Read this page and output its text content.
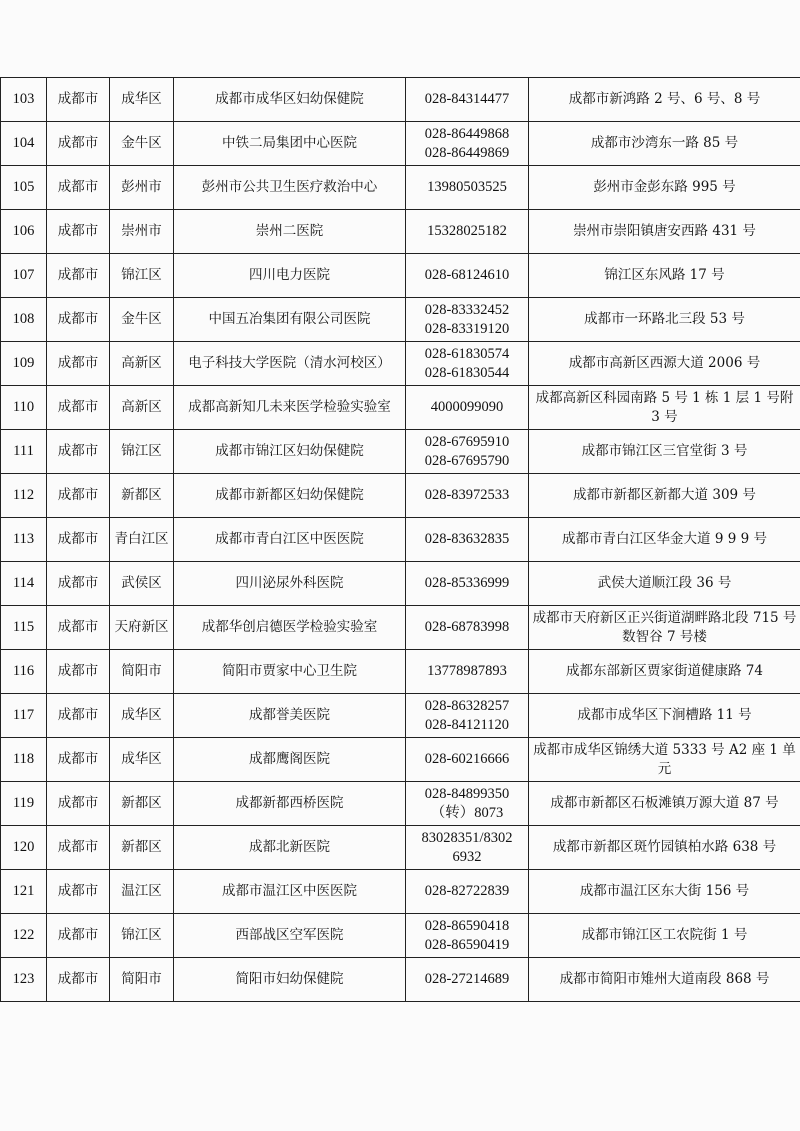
103	成都市	成华区	成都市成华区妇幼保健院	028-84314477	成都市新鸿路 2 号、6 号、8 号
104	成都市	金牛区	中铁二局集团中心医院	028-86449868
028-86449869	成都市沙湾东一路 85 号
105	成都市	彭州市	彭州市公共卫生医疗救治中心	13980503525	彭州市金彭东路 995 号
106	成都市	崇州市	崇州二医院	15328025182	崇州市崇阳镇唐安西路 431 号
107	成都市	锦江区	四川电力医院	028-68124610	锦江区东风路 17 号
108	成都市	金牛区	中国五冶集团有限公司医院	028-83332452
028-83319120	成都市一环路北三段 53 号
109	成都市	高新区	电子科技大学医院（清水河校区）	028-61830574
028-61830544	成都市高新区西源大道 2006 号
110	成都市	高新区	成都高新知几未来医学检验实验室	4000099090	成都高新区科园南路 5 号 1 栋 1 层 1 号附 3 号
111	成都市	锦江区	成都市锦江区妇幼保健院	028-67695910
028-67695790	成都市锦江区三官堂街 3 号
112	成都市	新都区	成都市新都区妇幼保健院	028-83972533	成都市新都区新都大道 309 号
113	成都市	青白江区	成都市青白江区中医医院	028-83632835	成都市青白江区华金大道 9 9 9 号
114	成都市	武侯区	四川泌尿外科医院	028-85336999	武侯大道顺江段 36 号
115	成都市	天府新区	成都华创启德医学检验实验室	028-68783998	成都市天府新区正兴街道湖畔路北段 715 号数智谷 7 号楼
116	成都市	简阳市	简阳市贾家中心卫生院	13778987893	成都东部新区贾家街道健康路 74
117	成都市	成华区	成都誉美医院	028-86328257
028-84121120	成都市成华区下涧槽路 11 号
118	成都市	成华区	成都鹰阁医院	028-60216666	成都市成华区锦绣大道 5333 号 A2 座 1 单元
119	成都市	新都区	成都新都西桥医院	028-84899350
（转）8073	成都市新都区石板滩镇万源大道 87 号
120	成都市	新都区	成都北新医院	83028351/8302
6932	成都市新都区斑竹园镇柏水路 638 号
121	成都市	温江区	成都市温江区中医医院	028-82722839	成都市温江区东大街 156 号
122	成都市	锦江区	西部战区空军医院	028-86590418
028-86590419	成都市锦江区工农院街 1 号
123	成都市	简阳市	简阳市妇幼保健院	028-27214689	成都市简阳市雉州大道南段 868 号
